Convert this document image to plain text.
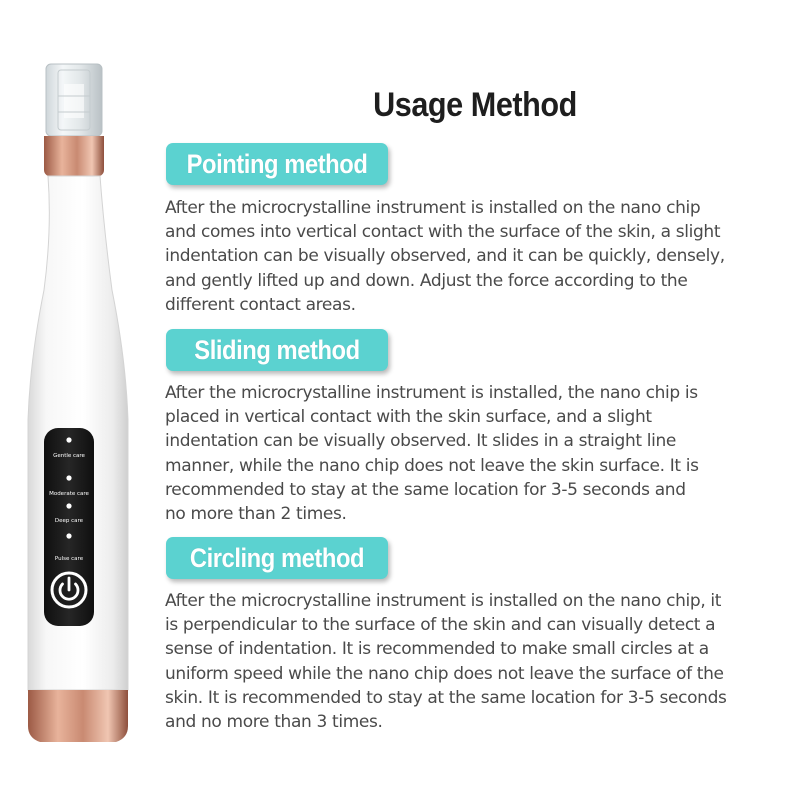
Gentle care
Moderate care
Deep care
Pulse care
Usage Method
Pointing method

After the microcrystalline instrument is installed on the nano chip
and comes into vertical contact with the surface of the skin, a slight
indentation can be visually observed, and it can be quickly, densely,
and gently lifted up and down. Adjust the force according to the
different contact areas.

Sliding method

After the microcrystalline instrument is installed, the nano chip is
placed in vertical contact with the skin surface, and a slight
indentation can be visually observed. It slides in a straight line
manner, while the nano chip does not leave the skin surface. It is
recommended to stay at the same location for 3-5 seconds and
no more than 2 times.

Circling method

After the microcrystalline instrument is installed on the nano chip, it
is perpendicular to the surface of the skin and can visually detect a
sense of indentation. It is recommended to make small circles at a
uniform speed while the nano chip does not leave the surface of the
skin. It is recommended to stay at the same location for 3-5 seconds
and no more than 3 times.
